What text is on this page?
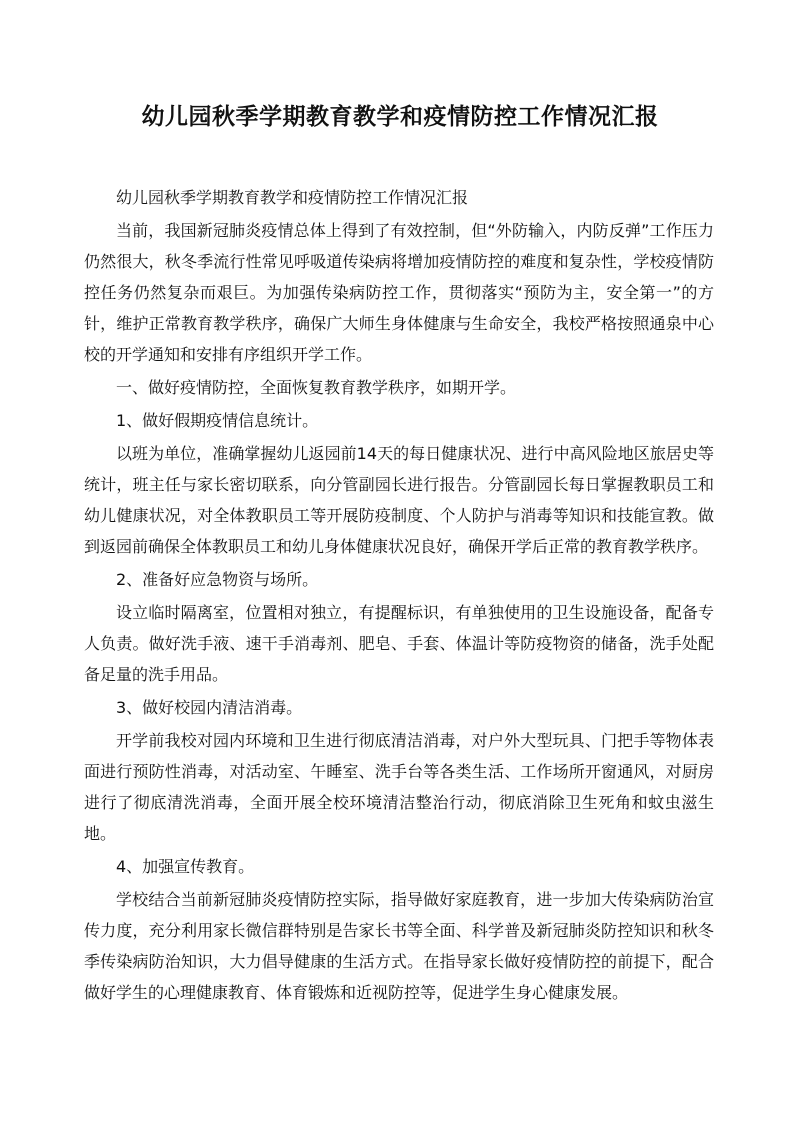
幼儿园秋季学期教育教学和疫情防控工作情况汇报

幼儿园秋季学期教育教学和疫情防控工作情况汇报

当前，我国新冠肺炎疫情总体上得到了有效控制，但“外防输入，内防反弹”工作压力仍然很大，秋冬季流行性常见呼吸道传染病将增加疫情防控的难度和复杂性，学校疫情防控任务仍然复杂而艰巨。为加强传染病防控工作，贯彻落实“预防为主，安全第一”的方针，维护正常教育教学秩序，确保广大师生身体健康与生命安全，我校严格按照通泉中心校的开学通知和安排有序组织开学工作。

一、做好疫情防控，全面恢复教育教学秩序，如期开学。

1、做好假期疫情信息统计。

以班为单位，准确掌握幼儿返园前14天的每日健康状况、进行中高风险地区旅居史等统计，班主任与家长密切联系，向分管副园长进行报告。分管副园长每日掌握教职员工和幼儿健康状况，对全体教职员工等开展防疫制度、个人防护与消毒等知识和技能宣教。做到返园前确保全体教职员工和幼儿身体健康状况良好，确保开学后正常的教育教学秩序。

2、准备好应急物资与场所。

设立临时隔离室，位置相对独立，有提醒标识，有单独使用的卫生设施设备，配备专人负责。做好洗手液、速干手消毒剂、肥皂、手套、体温计等防疫物资的储备，洗手处配备足量的洗手用品。

3、做好校园内清洁消毒。

开学前我校对园内环境和卫生进行彻底清洁消毒，对户外大型玩具、门把手等物体表面进行预防性消毒，对活动室、午睡室、洗手台等各类生活、工作场所开窗通风，对厨房进行了彻底清洗消毒，全面开展全校环境清洁整治行动，彻底消除卫生死角和蚊虫滋生地。

4、加强宣传教育。

学校结合当前新冠肺炎疫情防控实际，指导做好家庭教育，进一步加大传染病防治宣传力度，充分利用家长微信群特别是告家长书等全面、科学普及新冠肺炎防控知识和秋冬季传染病防治知识，大力倡导健康的生活方式。在指导家长做好疫情防控的前提下，配合做好学生的心理健康教育、体育锻炼和近视防控等，促进学生身心健康发展。
